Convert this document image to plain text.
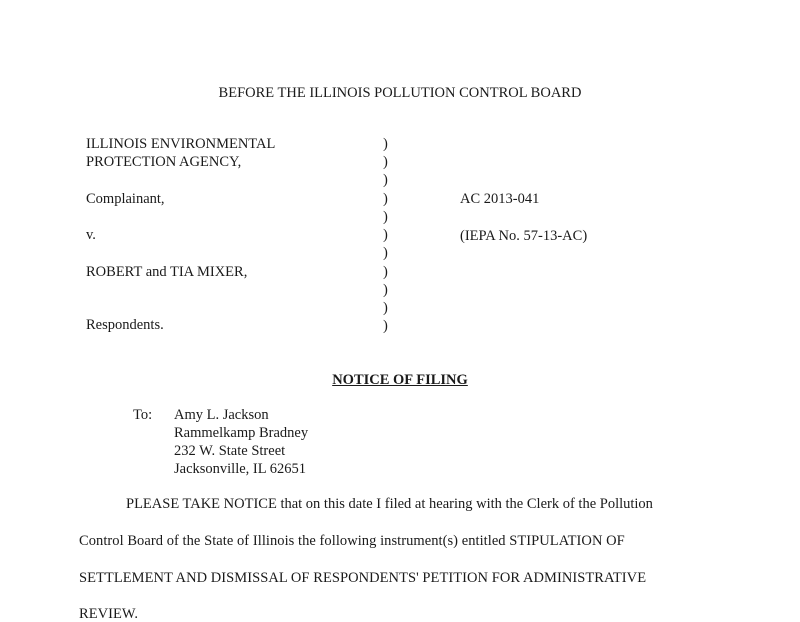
BEFORE THE ILLINOIS POLLUTION CONTROL BOARD
ILLINOIS ENVIRONMENTAL
PROTECTION AGENCY,
Complainant,
v.
ROBERT and TIA MIXER,
Respondents.
)
)
)
)
)
)
)
)
)
)
)
AC 2013-041
(IEPA No. 57-13-AC)
NOTICE OF FILING
To: Amy L. Jackson
Rammelkamp Bradney
232 W. State Street
Jacksonville, IL 62651
PLEASE TAKE NOTICE that on this date I filed at hearing with the Clerk of the Pollution
Control Board of the State of Illinois the following instrument(s) entitled STIPULATION OF
SETTLEMENT AND DISMISSAL OF RESPONDENTS' PETITION FOR ADMINISTRATIVE
REVIEW.
